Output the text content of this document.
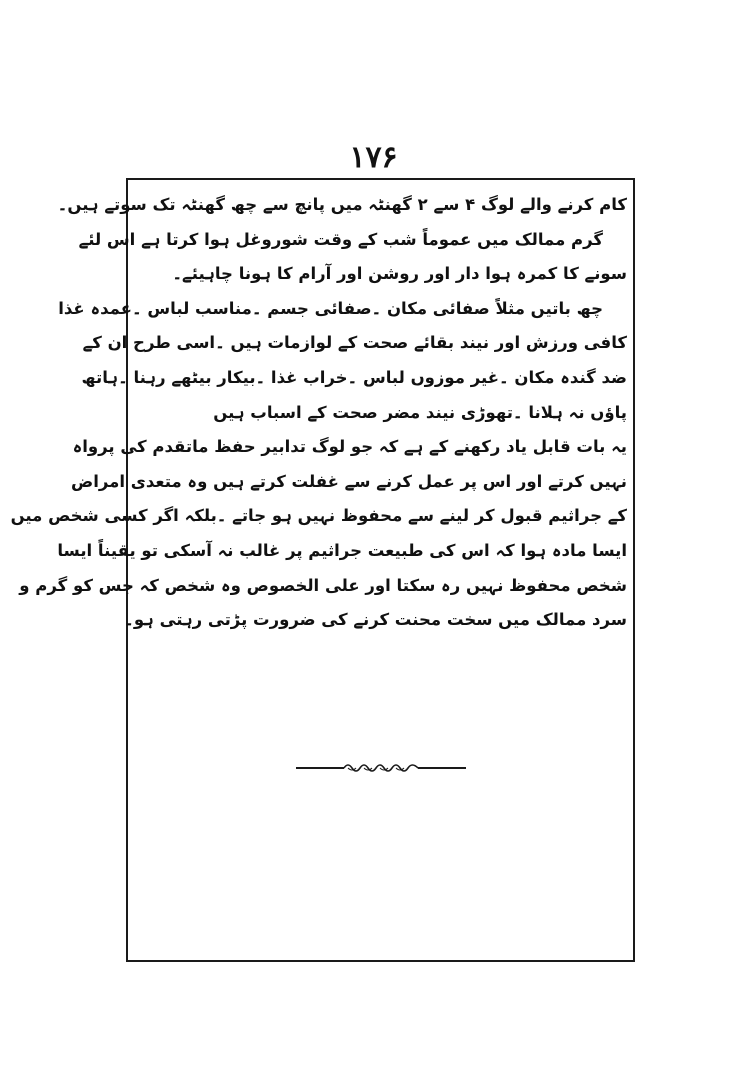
۱۷۶
کام کرنے والے لوگ ۴ سے ۲ گھنٹہ میں پانچ سے چھ گھنٹہ تک سوتے ہیں۔
گرم ممالک میں عموماً شب کے وقت شوروغل ہوا کرتا ہے اس لئے
سونے کا کمرہ ہوا دار اور روشن اور آرام کا ہونا چاہیئے۔
چھ باتیں مثلاً صفائی مکان ۔صفائی جسم ۔مناسب لباس ۔عمدہ غذا
کافی ورزش اور نیند بقائے صحت کے لوازمات ہیں ۔اسی طرح ان کے
ضد گندہ مکان ۔غیر موزوں لباس ۔خراب غذا ۔بیکار بیٹھے رہنا ۔ہاتھ
پاؤں نہ ہلانا ۔تھوڑی نیند مضر صحت کے اسباب ہیں
یہ بات قابل یاد رکھنے کے ہے کہ جو لوگ تدابیر حفظ ماتقدم کی پرواہ
نہیں کرتے اور اس پر عمل کرنے سے غفلت کرتے ہیں وہ متعدی امراض
کے جراثیم قبول کر لینے سے محفوظ نہیں ہو جاتے ۔بلکہ اگر کسی شخص میں
ایسا مادہ ہوا کہ اس کی طبیعت جراثیم پر غالب نہ آسکی تو یقیناً ایسا
شخص محفوظ نہیں رہ سکتا اور علی الخصوص وہ شخص کہ جس کو گرم و
سرد ممالک میں سخت محنت کرنے کی ضرورت پڑتی رہتی ہو۔
